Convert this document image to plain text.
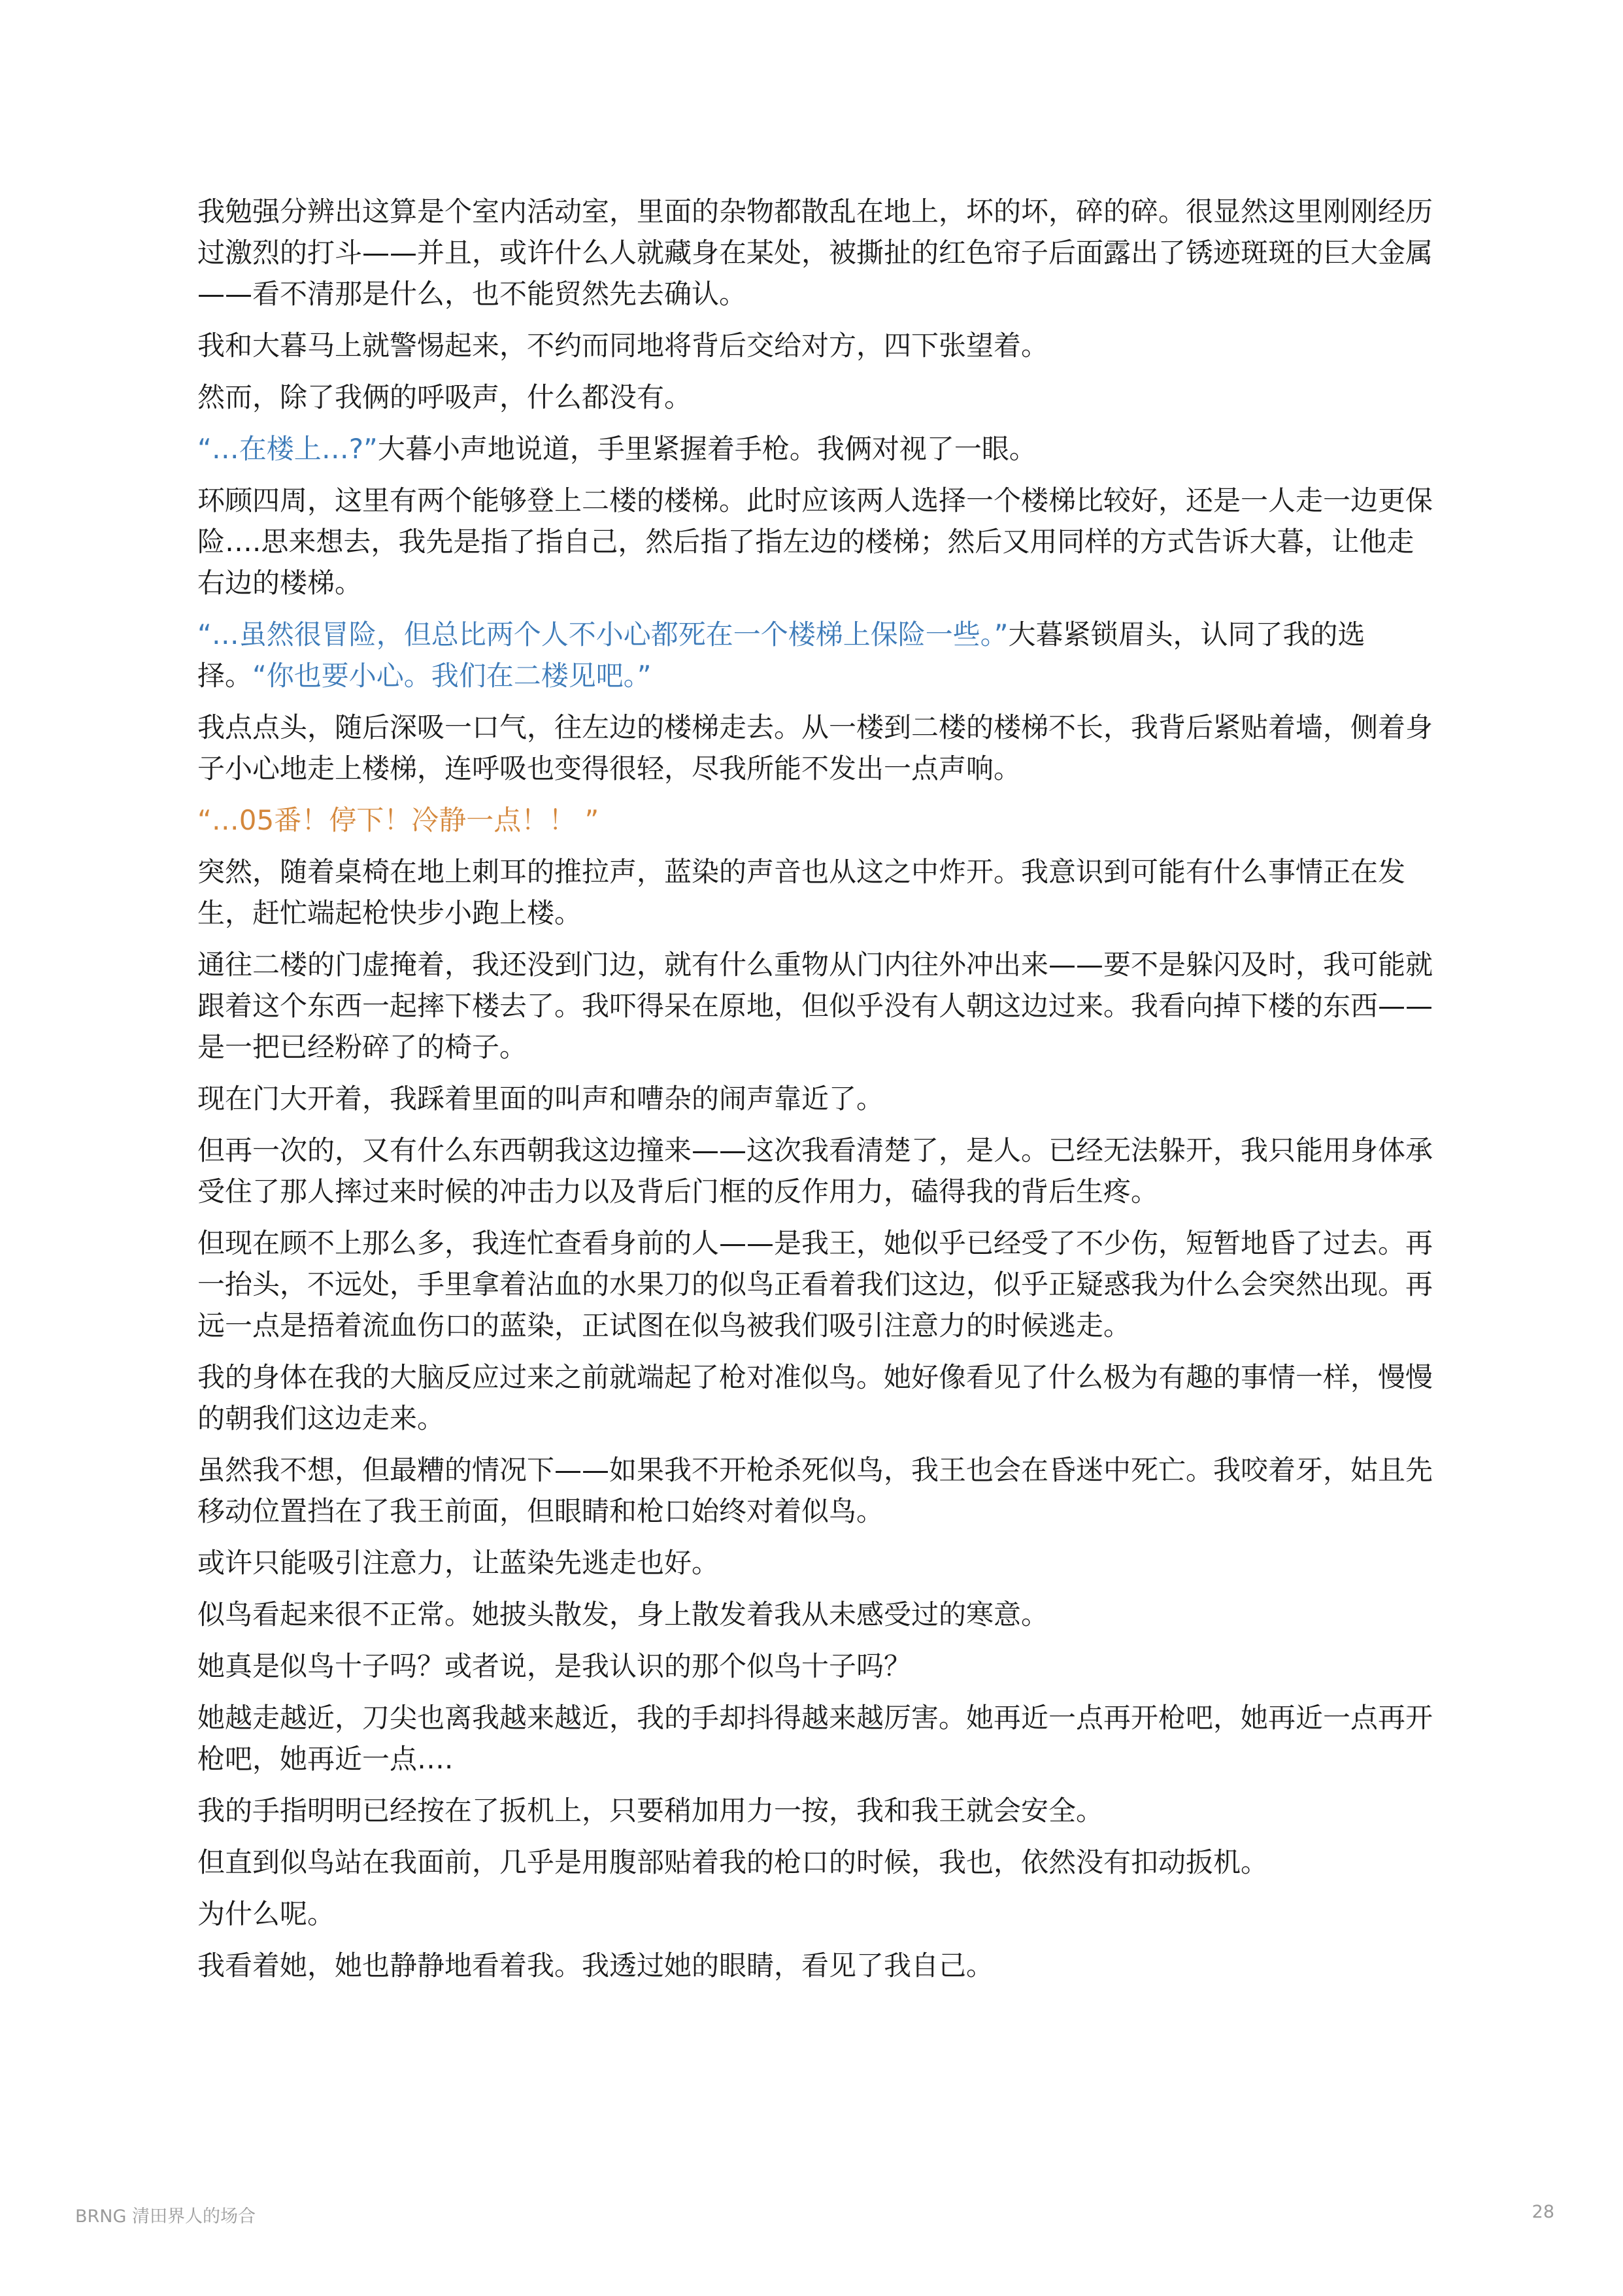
我勉强分辨出这算是个室内活动室，里面的杂物都散乱在地上，坏的坏，碎的碎。很显然这里刚刚经历过激烈的打斗——并且，或许什么人就藏身在某处，被撕扯的红色帘子后面露出了锈迹斑斑的巨大金属——看不清那是什么，也不能贸然先去确认。

我和大暮马上就警惕起来，不约而同地将背后交给对方，四下张望着。

然而，除了我俩的呼吸声，什么都没有。

“…在楼上…?”大暮小声地说道，手里紧握着手枪。我俩对视了一眼。

环顾四周，这里有两个能够登上二楼的楼梯。此时应该两人选择一个楼梯比较好，还是一人走一边更保险….思来想去，我先是指了指自己，然后指了指左边的楼梯；然后又用同样的方式告诉大暮，让他走右边的楼梯。

“…虽然很冒险，但总比两个人不小心都死在一个楼梯上保险一些。”大暮紧锁眉头，认同了我的选择。“你也要小心。我们在二楼见吧。”

我点点头，随后深吸一口气，往左边的楼梯走去。从一楼到二楼的楼梯不长，我背后紧贴着墙，侧着身子小心地走上楼梯，连呼吸也变得很轻，尽我所能不发出一点声响。

“…05番！停下！冷静一点！！ ”

突然，随着桌椅在地上刺耳的推拉声，蓝染的声音也从这之中炸开。我意识到可能有什么事情正在发生，赶忙端起枪快步小跑上楼。

通往二楼的门虚掩着，我还没到门边，就有什么重物从门内往外冲出来——要不是躲闪及时，我可能就跟着这个东西一起摔下楼去了。我吓得呆在原地，但似乎没有人朝这边过来。我看向掉下楼的东西——是一把已经粉碎了的椅子。

现在门大开着，我踩着里面的叫声和嘈杂的闹声靠近了。

但再一次的，又有什么东西朝我这边撞来——这次我看清楚了，是人。已经无法躲开，我只能用身体承受住了那人摔过来时候的冲击力以及背后门框的反作用力，磕得我的背后生疼。

但现在顾不上那么多，我连忙查看身前的人——是我王，她似乎已经受了不少伤，短暂地昏了过去。再一抬头，不远处，手里拿着沾血的水果刀的似鸟正看着我们这边，似乎正疑惑我为什么会突然出现。再远一点是捂着流血伤口的蓝染，正试图在似鸟被我们吸引注意力的时候逃走。

我的身体在我的大脑反应过来之前就端起了枪对准似鸟。她好像看见了什么极为有趣的事情一样，慢慢的朝我们这边走来。

虽然我不想，但最糟的情况下——如果我不开枪杀死似鸟，我王也会在昏迷中死亡。我咬着牙，姑且先移动位置挡在了我王前面，但眼睛和枪口始终对着似鸟。

或许只能吸引注意力，让蓝染先逃走也好。

似鸟看起来很不正常。她披头散发，身上散发着我从未感受过的寒意。

她真是似鸟十子吗？或者说，是我认识的那个似鸟十子吗？

她越走越近，刀尖也离我越来越近，我的手却抖得越来越厉害。她再近一点再开枪吧，她再近一点再开枪吧，她再近一点….

我的手指明明已经按在了扳机上，只要稍加用力一按，我和我王就会安全。

但直到似鸟站在我面前，几乎是用腹部贴着我的枪口的时候，我也，依然没有扣动扳机。

为什么呢。

我看着她，她也静静地看着我。我透过她的眼睛，看见了我自己。

BRNG 清田界人的场合	28
